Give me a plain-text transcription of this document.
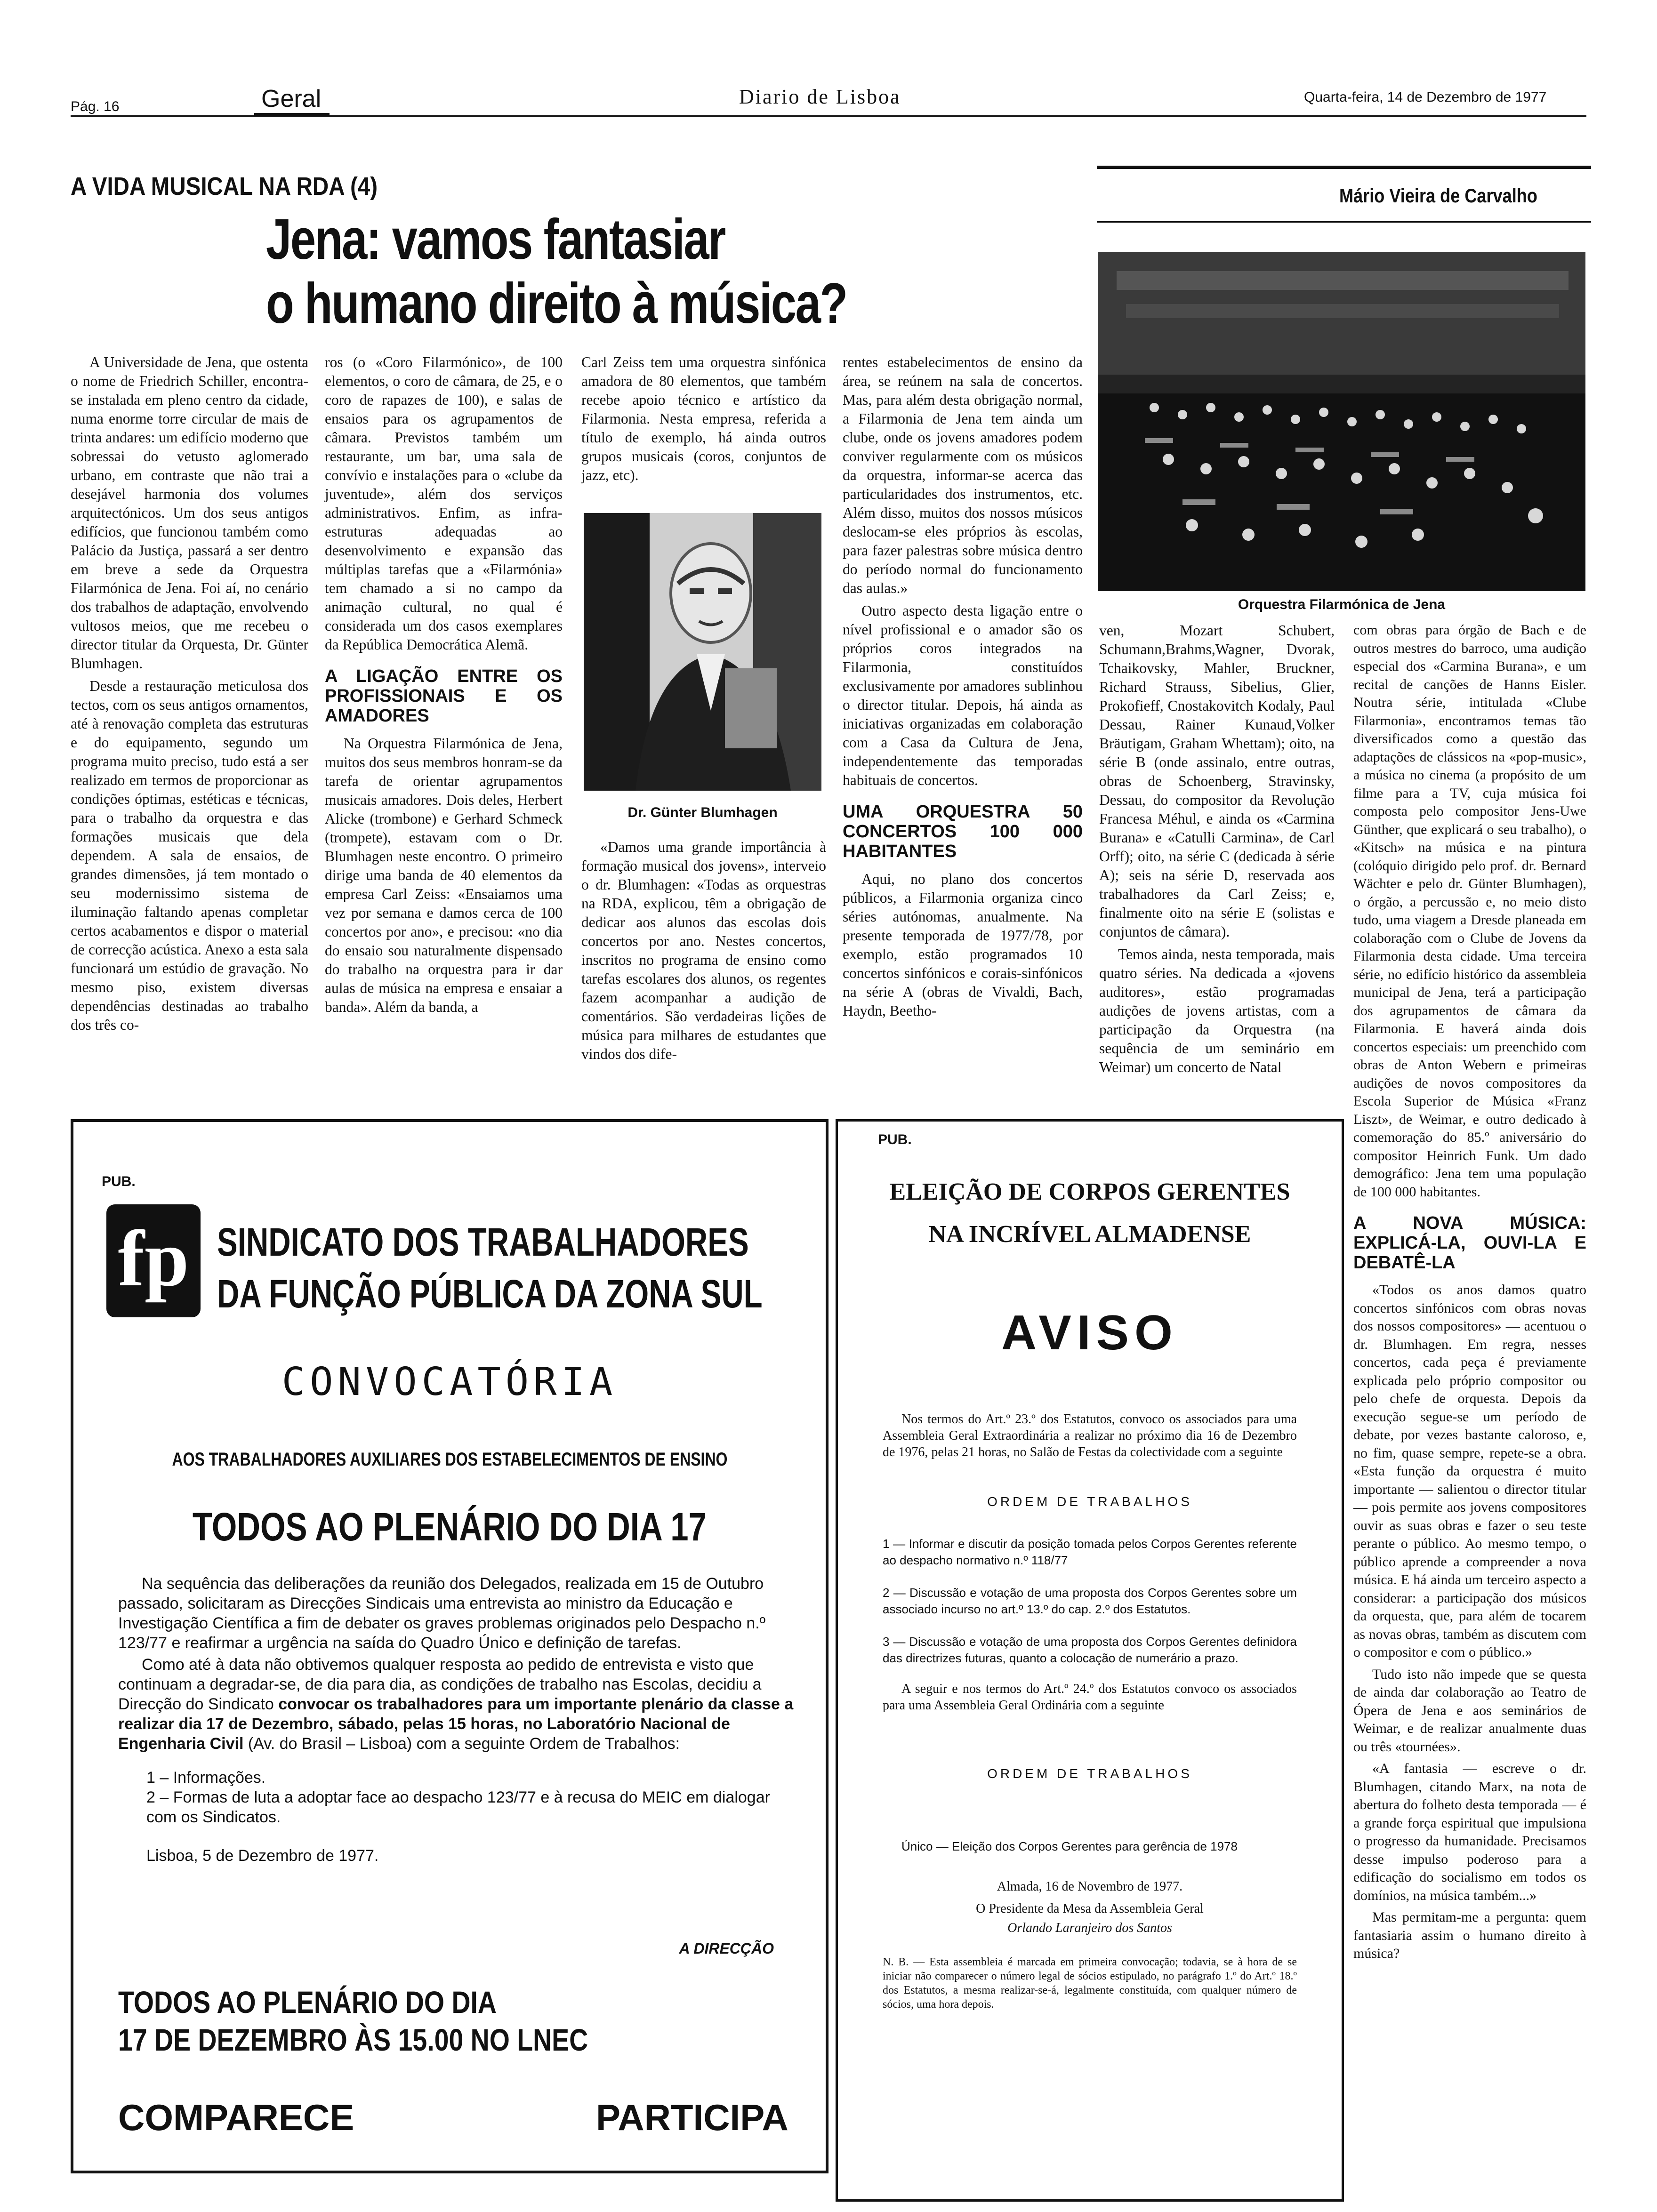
Pág. 16	Geral	Diario de Lisboa	Quarta-feira, 14 de Dezembro de 1977
A VIDA MUSICAL NA RDA (4)	Mário Vieira de Carvalho
Jena: vamos fantasiar
o humano direito à música?
Orquestra Filarmónica de Jena

A Universidade de Jena, que ostenta o nome de Friedrich Schiller, encontra-se instalada em pleno centro da cidade, numa enorme torre circular de mais de trinta andares: um edifício moderno que sobressai do vetusto aglomerado urbano, em contraste que não trai a desejável harmonia dos volumes arquitectónicos. Um dos seus antigos edifícios, que funcionou também como Palácio da Justiça, passará a ser dentro em breve a sede da Orquestra Filarmónica de Jena. Foi aí, no cenário dos trabalhos de adaptação, envolvendo vultosos meios, que me recebeu o director titular da Orquesta, Dr. Günter Blumhagen.

Desde a restauração meticulosa dos tectos, com os seus antigos ornamentos, até à renovação completa das estruturas e do equipamento, segundo um programa muito preciso, tudo está a ser realizado em termos de proporcionar as condições óptimas, estéticas e técnicas, para o trabalho da orquestra e das formações musicais que dela dependem. A sala de ensaios, de grandes dimensões, já tem montado o seu modernissimo sistema de iluminação faltando apenas completar certos acabamentos e dispor o material de correcção acústica. Anexo a esta sala funcionará um estúdio de gravação. No mesmo piso, existem diversas dependências destinadas ao trabalho dos três co-

ros (o «Coro Filarmónico», de 100 elementos, o coro de câmara, de 25, e o coro de rapazes de 100), e salas de ensaios para os agrupamentos de câmara. Previstos também um restaurante, um bar, uma sala de convívio e instalações para o «clube da juventude», além dos serviços administrativos. Enfim, as infra-estruturas adequadas ao desenvolvimento e expansão das múltiplas tarefas que a «Filarmónia» tem chamado a si no campo da animação cultural, no qual é considerada um dos casos exemplares da República Democrática Alemã.

A LIGAÇÃO ENTRE OS PROFISSIONAIS E OS AMADORES

Na Orquestra Filarmónica de Jena, muitos dos seus membros honram-se da tarefa de orientar agrupamentos musicais amadores. Dois deles, Herbert Alicke (trombone) e Gerhard Schmeck (trompete), estavam com o Dr. Blumhagen neste encontro. O primeiro dirige uma banda de 40 elementos da empresa Carl Zeiss: «Ensaiamos uma vez por semana e damos cerca de 100 concertos por ano», e precisou: «no dia do ensaio sou naturalmente dispensado do trabalho na orquestra para ir dar aulas de música na empresa e ensaiar a banda». Além da banda, a

Carl Zeiss tem uma orquestra sinfónica amadora de 80 elementos, que também recebe apoio técnico e artístico da Filarmonia. Nesta empresa, referida a título de exemplo, há ainda outros grupos musicais (coros, conjuntos de jazz, etc).

Dr. Günter Blumhagen

«Damos uma grande importância à formação musical dos jovens», interveio o dr. Blumhagen: «Todas as orquestras na RDA, explicou, têm a obrigação de dedicar aos alunos das escolas dois concertos por ano. Nestes concertos, inscritos no programa de ensino como tarefas escolares dos alunos, os regentes fazem acompanhar a audição de comentários. São verdadeiras lições de música para milhares de estudantes que vindos dos dife-

rentes estabelecimentos de ensino da área, se reúnem na sala de concertos. Mas, para além desta obrigação normal, a Filarmonia de Jena tem ainda um clube, onde os jovens amadores podem conviver regularmente com os músicos da orquestra, informar-se acerca das particularidades dos instrumentos, etc. Além disso, muitos dos nossos músicos deslocam-se eles próprios às escolas, para fazer palestras sobre música dentro do período normal do funcionamento das aulas.»

Outro aspecto desta ligação entre o nível profissional e o amador são os próprios coros integrados na Filarmonia, constituídos exclusivamente por amadores sublinhou o director titular. Depois, há ainda as iniciativas organizadas em colaboração com a Casa da Cultura de Jena, independentemente das temporadas habituais de concertos.

UMA ORQUESTRA 50 CONCERTOS 100 000 HABITANTES

Aqui, no plano dos concertos públicos, a Filarmonia organiza cinco séries autónomas, anualmente. Na presente temporada de 1977/78, por exemplo, estão programados 10 concertos sinfónicos e corais-sinfónicos na série A (obras de Vivaldi, Bach, Haydn, Beetho-

ven, Mozart Schubert, Schumann,Brahms,Wagner, Dvorak, Tchaikovsky, Mahler, Bruckner, Richard Strauss, Sibelius, Glier, Prokofieff, Cnostakovitch Kodaly, Paul Dessau, Rainer Kunaud,Volker Bräutigam, Graham Whettam); oito, na série B (onde assinalo, entre outras, obras de Schoenberg, Stravinsky, Dessau, do compositor da Revolução Francesa Méhul, e ainda os «Carmina Burana» e «Catulli Carmina», de Carl Orff); oito, na série C (dedicada à série A); seis na série D, reservada aos trabalhadores da Carl Zeiss; e, finalmente oito na série E (solistas e conjuntos de câmara).

Temos ainda, nesta temporada, mais quatro séries. Na dedicada a «jovens auditores», estão programadas audições de jovens artistas, com a participação da Orquestra (na sequência de um seminário em Weimar) um concerto de Natal

com obras para órgão de Bach e de outros mestres do barroco, uma audição especial dos «Carmina Burana», e um recital de canções de Hanns Eisler. Noutra série, intitulada «Clube Filarmonia», encontramos temas tão diversificados como a questão das adaptações de clássicos na «pop-music», a música no cinema (a propósito de um filme para a TV, cuja música foi composta pelo compositor Jens-Uwe Günther, que explicará o seu trabalho), o «Kitsch» na música e na pintura (colóquio dirigido pelo prof. dr. Bernard Wächter e pelo dr. Günter Blumhagen), o órgão, a percussão e, no meio disto tudo, uma viagem a Dresde planeada em colaboração com o Clube de Jovens da Filarmonia desta cidade. Uma terceira série, no edifício histórico da assembleia municipal de Jena, terá a participação dos agrupamentos de câmara da Filarmonia. E haverá ainda dois concertos especiais: um preenchido com obras de Anton Webern e primeiras audições de novos compositores da Escola Superior de Música «Franz Liszt», de Weimar, e outro dedicado à comemoração do 85.º aniversário do compositor Heinrich Funk. Um dado demográfico: Jena tem uma população de 100 000 habitantes.

A NOVA MÚSICA: EXPLICÁ-LA, OUVI-LA E DEBATÊ-LA

«Todos os anos damos quatro concertos sinfónicos com obras novas dos nossos compositores» — acentuou o dr. Blumhagen. Em regra, nesses concertos, cada peça é previamente explicada pelo próprio compositor ou pelo chefe de orquesta. Depois da execução segue-se um período de debate, por vezes bastante caloroso, e, no fim, quase sempre, repete-se a obra. «Esta função da orquestra é muito importante — salientou o director titular — pois permite aos jovens compositores ouvir as suas obras e fazer o seu teste perante o público. Ao mesmo tempo, o público aprende a compreender a nova música. E há ainda um terceiro aspecto a considerar: a participação dos músicos da orquesta, que, para além de tocarem as novas obras, também as discutem com o compositor e com o público.»

Tudo isto não impede que se questa de ainda dar colaboração ao Teatro de Ópera de Jena e aos seminários de Weimar, e de realizar anualmente duas ou três «tournées».

«A fantasia — escreve o dr. Blumhagen, citando Marx, na nota de abertura do folheto desta temporada — é a grande força espiritual que impulsiona o progresso da humanidade. Precisamos desse impulso poderoso para a edificação do socialismo em todos os domínios, na música também...»

Mas permitam-me a pergunta: quem fantasiaria assim o humano direito à música?

PUB.
fp SINDICATO DOS TRABALHADORES
DA FUNÇÃO PÚBLICA DA ZONA SUL
CONVOCATÓRIA
AOS TRABALHADORES AUXILIARES DOS ESTABELECIMENTOS DE ENSINO
TODOS AO PLENÁRIO DO DIA 17

Na sequência das deliberações da reunião dos Delegados, realizada em 15 de Outubro passado, solicitaram as Direcções Sindicais uma entrevista ao ministro da Educação e Investigação Científica a fim de debater os graves problemas originados pelo Despacho n.º 123/77 e reafirmar a urgência na saída do Quadro Único e definição de tarefas.

Como até à data não obtivemos qualquer resposta ao pedido de entrevista e visto que continuam a degradar-se, de dia para dia, as condições de trabalho nas Escolas, decidiu a Direcção do Sindicato convocar os trabalhadores para um importante plenário da classe a realizar dia 17 de Dezembro, sábado, pelas 15 horas, no Laboratório Nacional de Engenharia Civil (Av. do Brasil – Lisboa) com a seguinte Ordem de Trabalhos:

1 – Informações.
2 – Formas de luta a adoptar face ao despacho 123/77 e à recusa do MEIC em dialogar com os Sindicatos.
Lisboa, 5 de Dezembro de 1977.
A DIRECÇÃO
TODOS AO PLENÁRIO DO DIA
17 DE DEZEMBRO ÀS 15.00 NO LNEC
COMPARECE	PARTICIPA
PUB.
ELEIÇÃO DE CORPOS GERENTES
NA INCRÍVEL ALMADENSE
AVISO

Nos termos do Art.º 23.º dos Estatutos, convoco os associados para uma Assembleia Geral Extraordinária a realizar no próximo dia 16 de Dezembro de 1976, pelas 21 horas, no Salão de Festas da colectividade com a seguinte

ORDEM DE TRABALHOS

1 — Informar e discutir da posição tomada pelos Corpos Gerentes referente ao despacho normativo n.º 118/77

2 — Discussão e votação de uma proposta dos Corpos Gerentes sobre um associado incurso no art.º 13.º do cap. 2.º dos Estatutos.

3 — Discussão e votação de uma proposta dos Corpos Gerentes definidora das directrizes futuras, quanto a colocação de numerário a prazo.

A seguir e nos termos do Art.º 24.º dos Estatutos convoco os associados para uma Assembleia Geral Ordinária com a seguinte

ORDEM DE TRABALHOS

Único — Eleição dos Corpos Gerentes para gerência de 1978

Almada, 16 de Novembro de 1977.

O Presidente da Mesa da Assembleia Geral

Orlando Laranjeiro dos Santos

N. B. — Esta assembleia é marcada em primeira convocação; todavia, se à hora de se iniciar não comparecer o número legal de sócios estipulado, no parágrafo 1.º do Art.º 18.º dos Estatutos, a mesma realizar-se-á, legalmente constituída, com qualquer número de sócios, uma hora depois.
